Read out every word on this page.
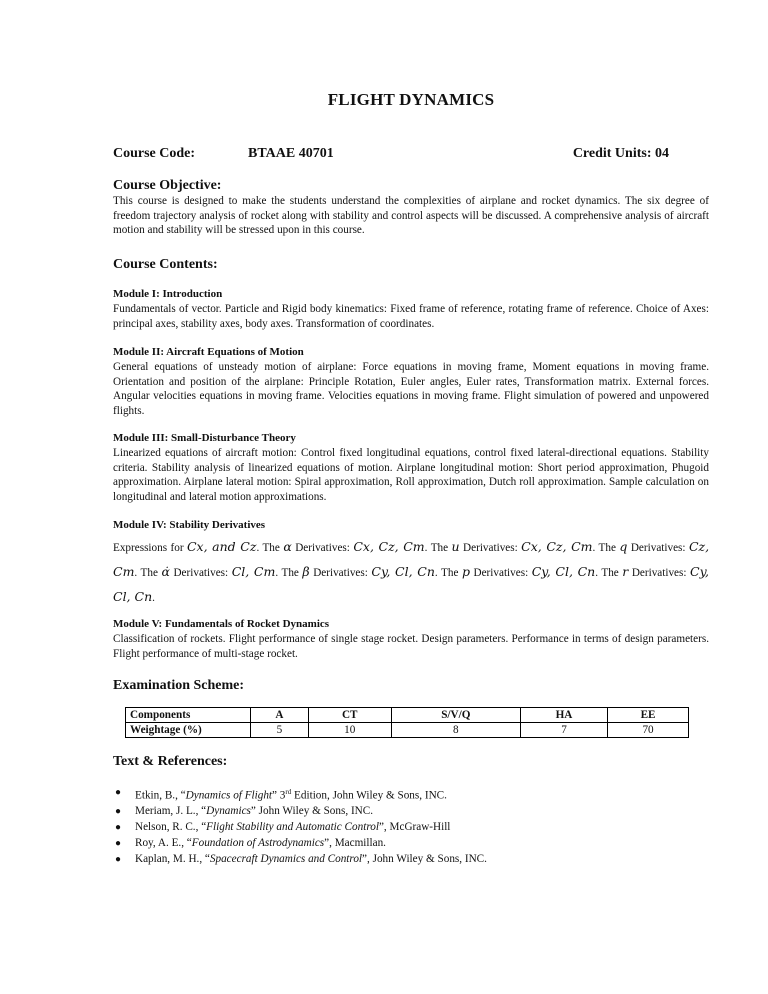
FLIGHT DYNAMICS
Course Code:	BTAAE 40701	Credit Units: 04
Course Objective:

This course is designed to make the students understand the complexities of airplane and rocket dynamics. The six degree of freedom trajectory analysis of rocket along with stability and control aspects will be discussed. A comprehensive analysis of aircraft motion and stability will be stressed upon in this course.

Course Contents:

Module I: Introduction

Fundamentals of vector. Particle and Rigid body kinematics: Fixed frame of reference, rotating frame of reference. Choice of Axes: principal axes, stability axes, body axes. Transformation of coordinates.

Module II: Aircraft Equations of Motion

General equations of unsteady motion of airplane: Force equations in moving frame, Moment equations in moving frame. Orientation and position of the airplane: Principle Rotation, Euler angles, Euler rates, Transformation matrix. External forces. Angular velocities equations in moving frame. Velocities equations in moving frame. Flight simulation of powered and unpowered flights.

Module III: Small-Disturbance Theory

Linearized equations of aircraft motion: Control fixed longitudinal equations, control fixed lateral-directional equations. Stability criteria. Stability analysis of linearized equations of motion. Airplane longitudinal motion: Short period approximation, Phugoid approximation. Airplane lateral motion: Spiral approximation, Roll approximation, Dutch roll approximation. Sample calculation on longitudinal and lateral motion approximations.

Module IV: Stability Derivatives

Expressions for Cx, and Cz. The α Derivatives: Cx, Cz, Cm. The u Derivatives: Cx, Cz, Cm. The q Derivatives: Cz, Cm. The α̇ Derivatives: Cl, Cm. The β Derivatives: Cy, Cl, Cn. The p Derivatives: Cy, Cl, Cn. The r Derivatives: Cy, Cl, Cn.

Module V: Fundamentals of Rocket Dynamics

Classification of rockets. Flight performance of single stage rocket. Design parameters. Performance in terms of design parameters. Flight performance of multi-stage rocket.

Examination Scheme:
Components	A	CT	S/V/Q	HA	EE
Weightage (%)	5	10	8	7	70
Text & References:
● Etkin, B., “Dynamics of Flight” 3rd Edition, John Wiley & Sons, INC.
● Meriam, J. L., “Dynamics” John Wiley & Sons, INC.
● Nelson, R. C., “Flight Stability and Automatic Control”, McGraw-Hill
● Roy, A. E., “Foundation of Astrodynamics”, Macmillan.
● Kaplan, M. H., “Spacecraft Dynamics and Control”, John Wiley & Sons, INC.
